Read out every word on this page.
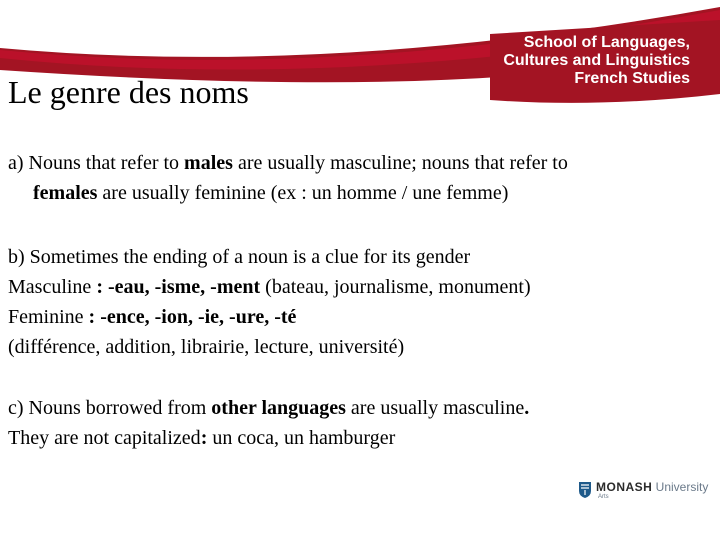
School of Languages,
Cultures and Linguistics
French Studies
Le genre des noms
a) Nouns that refer to males are usually masculine; nouns that refer to
females are usually feminine (ex : un homme / une femme)
b) Sometimes the ending of a noun is a clue for its gender
Masculine : -eau, -isme, -ment (bateau, journalisme, monument)
Feminine : -ence, -ion, -ie, -ure, -té
(différence, addition, librairie, lecture, université)
c) Nouns borrowed from other languages are usually masculine.
They are not capitalized: un coca, un hamburger
MONASH University
Arts
